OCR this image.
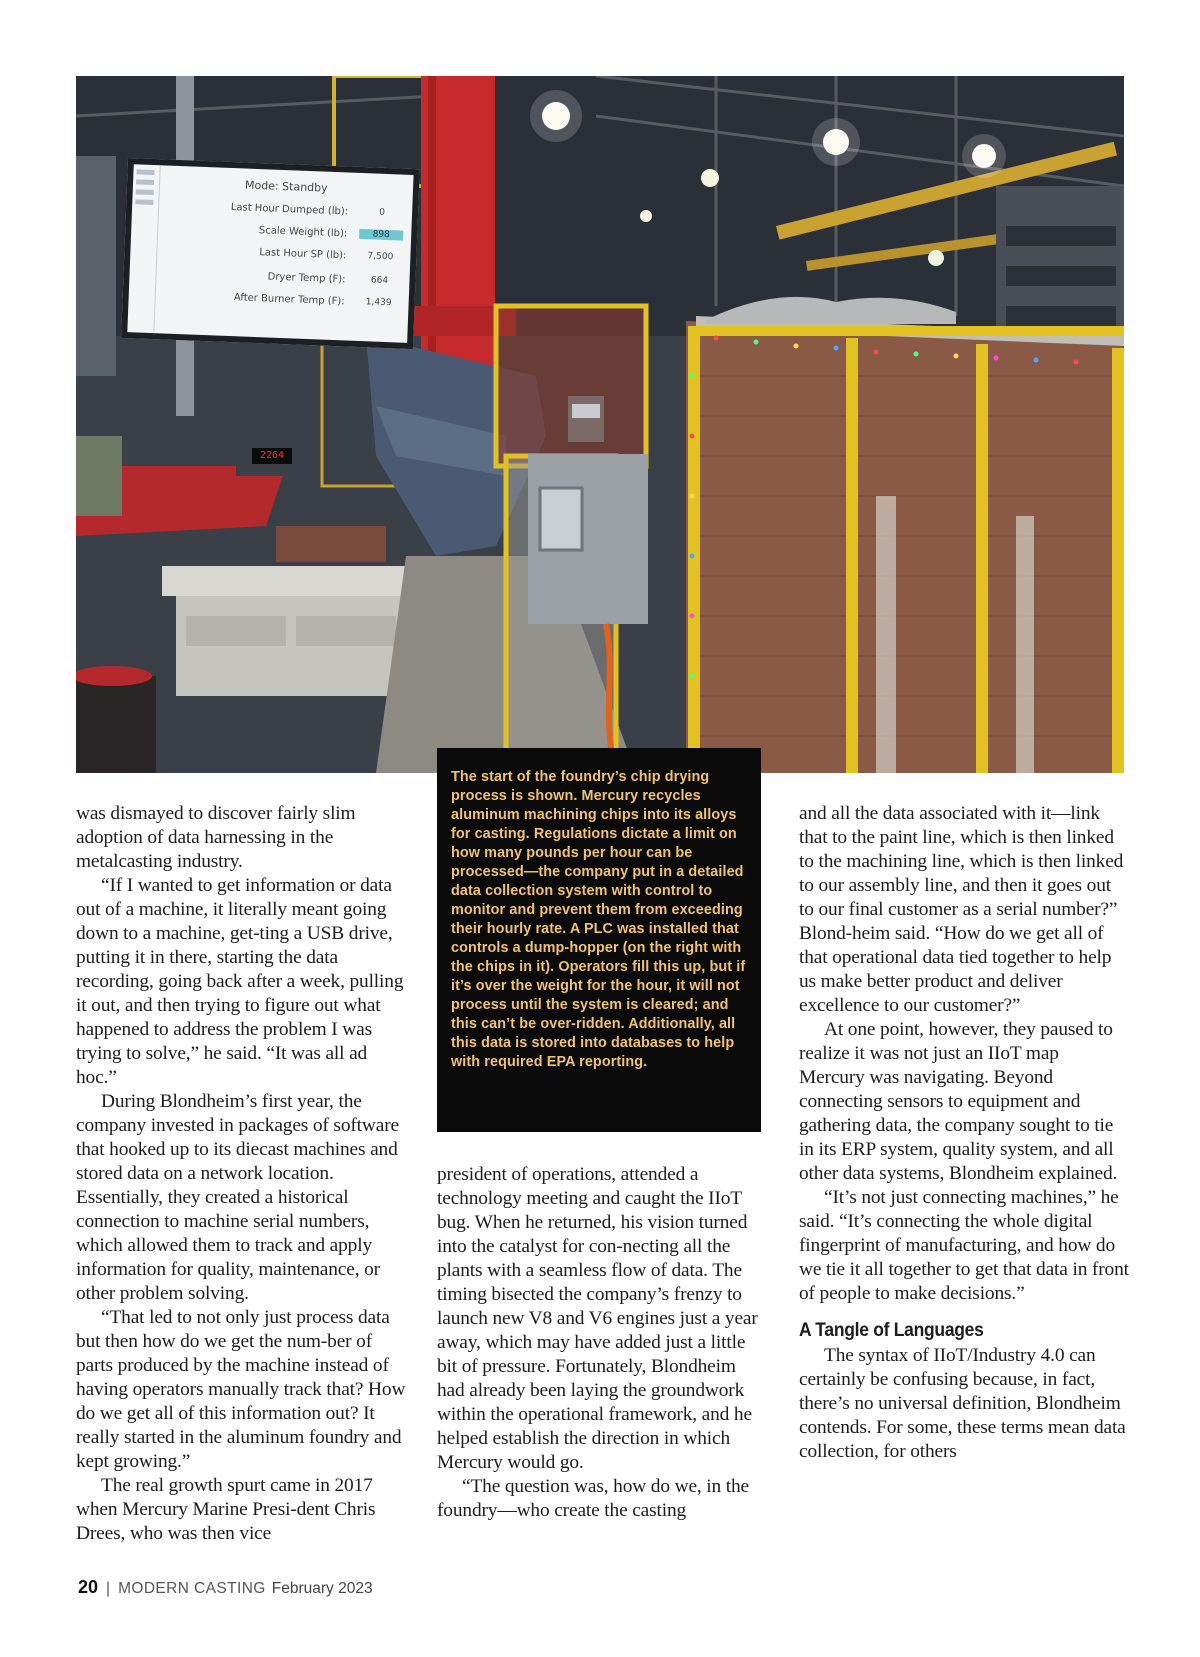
Mode: Standby
Last Hour Dumped (lb):	0
Scale Weight (lb):	898
Last Hour SP (lb):	7,500
Dryer Temp (F):	664
After Burner Temp (F):	1,439
2264

The start of the foundry’s chip drying process is shown. Mercury recycles aluminum machining chips into its alloys for casting. Regulations dictate a limit on how many pounds per hour can be processed—the company put in a detailed data collection system with control to monitor and prevent them from exceeding their hourly rate. A PLC was installed that controls a dump-hopper (on the right with the chips in it). Operators fill this up, but if it’s over the weight for the hour, it will not process until the system is cleared; and this can’t be over-ridden. Additionally, all this data is stored into databases to help with required EPA reporting.

was dismayed to discover fairly slim adoption of data harnessing in the metalcasting industry.

“If I wanted to get information or data out of a machine, it literally meant going down to a machine, get-ting a USB drive, putting it in there, starting the data recording, going back after a week, pulling it out, and then trying to figure out what happened to address the problem I was trying to solve,” he said. “It was all ad hoc.”

During Blondheim’s first year, the company invested in packages of software that hooked up to its diecast machines and stored data on a network location. Essentially, they created a historical connection to machine serial numbers, which allowed them to track and apply information for quality, maintenance, or other problem solving.

“That led to not only just process data but then how do we get the num-ber of parts produced by the machine instead of having operators manually track that? How do we get all of this information out? It really started in the aluminum foundry and kept growing.”

The real growth spurt came in 2017 when Mercury Marine Presi-dent Chris Drees, who was then vice

president of operations, attended a technology meeting and caught the IIoT bug. When he returned, his vision turned into the catalyst for con-necting all the plants with a seamless flow of data. The timing bisected the company’s frenzy to launch new V8 and V6 engines just a year away, which may have added just a little bit of pressure. Fortunately, Blondheim had already been laying the groundwork within the operational framework, and he helped establish the direction in which Mercury would go.

“The question was, how do we, in the foundry—who create the casting

and all the data associated with it—link that to the paint line, which is then linked to the machining line, which is then linked to our assembly line, and then it goes out to our final customer as a serial number?” Blond-heim said. “How do we get all of that operational data tied together to help us make better product and deliver excellence to our customer?”

At one point, however, they paused to realize it was not just an IIoT map Mercury was navigating. Beyond connecting sensors to equipment and gathering data, the company sought to tie in its ERP system, quality system, and all other data systems, Blondheim explained.

“It’s not just connecting machines,” he said. “It’s connecting the whole digital fingerprint of manufacturing, and how do we tie it all together to get that data in front of people to make decisions.”

A Tangle of Languages

The syntax of IIoT/Industry 4.0 can certainly be confusing because, in fact, there’s no universal definition, Blondheim contends. For some, these terms mean data collection, for others

20 | MODERN CASTING February 2023
